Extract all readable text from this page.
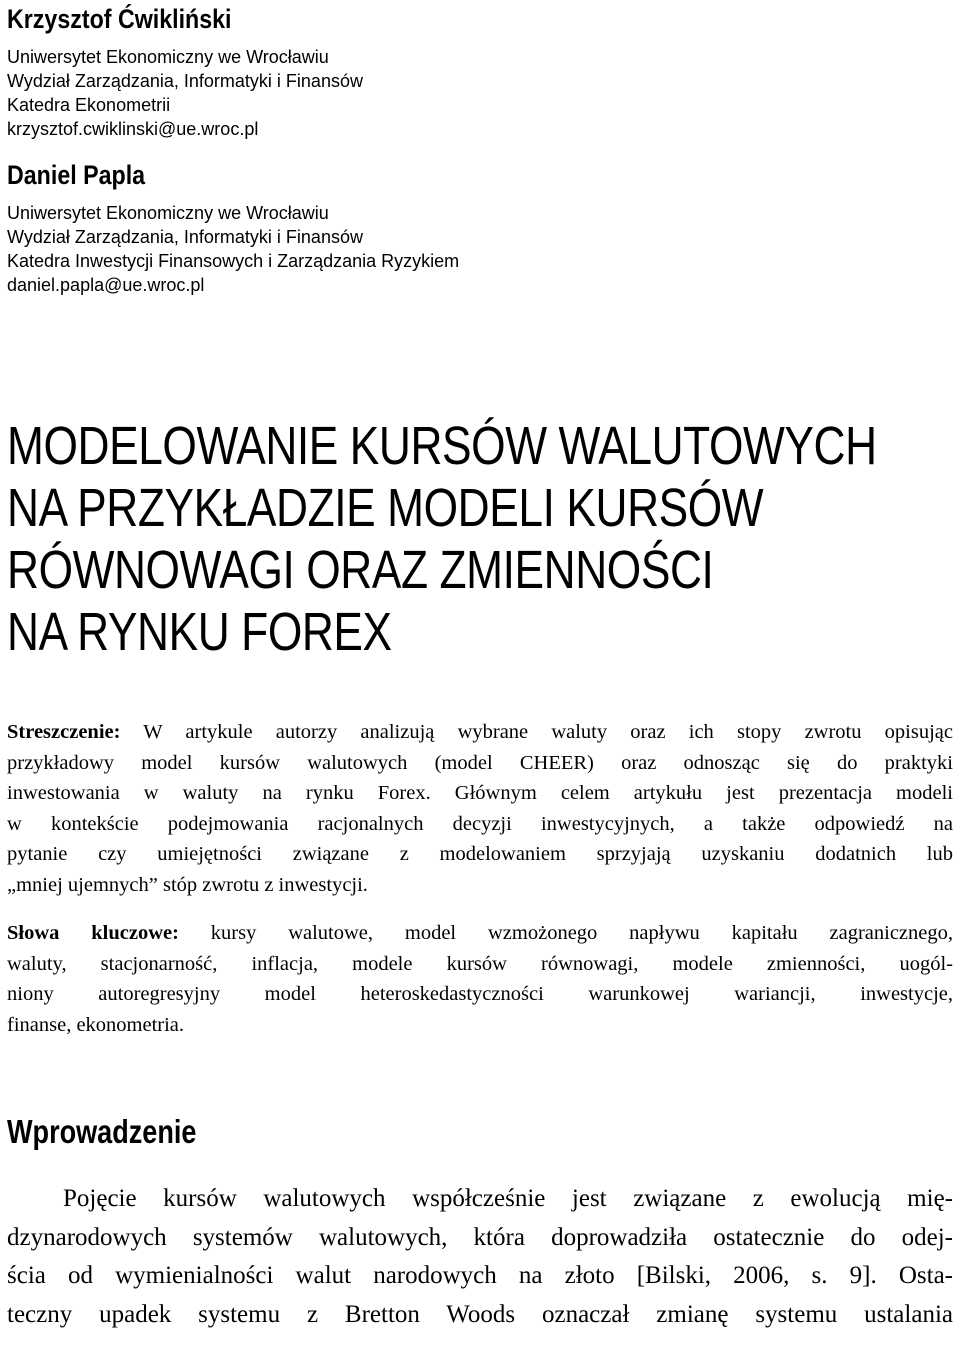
Krzysztof Ćwikliński
Uniwersytet Ekonomiczny we Wrocławiu
Wydział Zarządzania, Informatyki i Finansów
Katedra Ekonometrii
krzysztof.cwiklinski@ue.wroc.pl
Daniel Papla
Uniwersytet Ekonomiczny we Wrocławiu
Wydział Zarządzania, Informatyki i Finansów
Katedra Inwestycji Finansowych i Zarządzania Ryzykiem
daniel.papla@ue.wroc.pl
MODELOWANIE KURSÓW WALUTOWYCH
NA PRZYKŁADZIE MODELI KURSÓW
RÓWNOWAGI ORAZ ZMIENNOŚCI
NA RYNKU FOREX
Streszczenie: W artykule autorzy analizują wybrane waluty oraz ich stopy zwrotu opisując
przykładowy model kursów walutowych (model CHEER) oraz odnosząc się do praktyki
inwestowania w waluty na rynku Forex. Głównym celem artykułu jest prezentacja modeli
w kontekście podejmowania racjonalnych decyzji inwestycyjnych, a także odpowiedź na
pytanie czy umiejętności związane z modelowaniem sprzyjają uzyskaniu dodatnich lub
„mniej ujemnych” stóp zwrotu z inwestycji.
Słowa kluczowe: kursy walutowe, model wzmożonego napływu kapitału zagranicznego,
waluty, stacjonarność, inflacja, modele kursów równowagi, modele zmienności, uogól-
niony autoregresyjny model heteroskedastyczności warunkowej wariancji, inwestycje,
finanse, ekonometria.
Wprowadzenie
Pojęcie kursów walutowych współcześnie jest związane z ewolucją mię-
dzynarodowych systemów walutowych, która doprowadziła ostatecznie do odej-
ścia od wymienialności walut narodowych na złoto [Bilski, 2006, s. 9]. Osta-
teczny upadek systemu z Bretton Woods oznaczał zmianę systemu ustalania
